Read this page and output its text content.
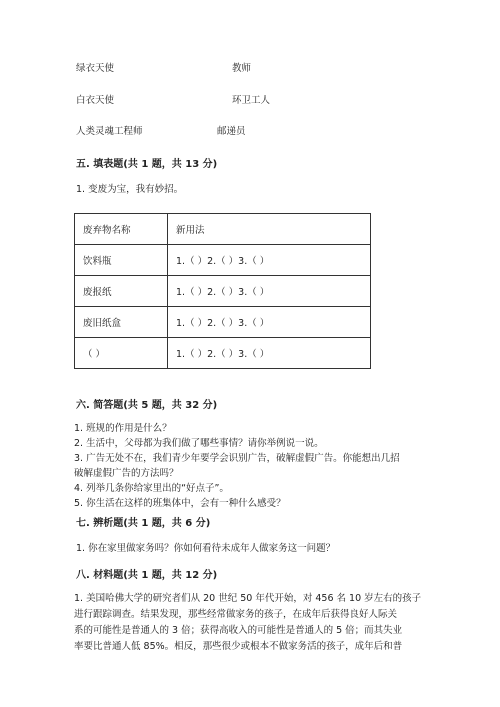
绿衣天使	教师
白衣天使	环卫工人
人类灵魂工程师	邮递员
五. 填表题(共 1 题，共 13 分)
1. 变废为宝，我有妙招。
废弃物名称	新用法
饮料瓶	1.（ ）2.（ ）3.（ ）
废报纸	1.（ ）2.（ ）3.（ ）
废旧纸盒	1.（ ）2.（ ）3.（ ）
（ ）	1.（ ）2.（ ）3.（ ）
六. 简答题(共 5 题，共 32 分)
1. 班规的作用是什么？
2. 生活中，父母都为我们做了哪些事情？请你举例说一说。
3. 广告无处不在，我们青少年要学会识别广告，破解虚假广告。你能想出几招
破解虚假广告的方法吗？
4. 列举几条你给家里出的“好点子”。
5. 你生活在这样的班集体中，会有一种什么感受？
七. 辨析题(共 1 题，共 6 分)
1. 你在家里做家务吗？你如何看待未成年人做家务这一问题？
八. 材料题(共 1 题，共 12 分)
1. 美国哈佛大学的研究者们从 20 世纪 50 年代开始，对 456 名 10 岁左右的孩子
进行跟踪调查。结果发现，那些经常做家务的孩子，在成年后获得良好人际关
系的可能性是普通人的 3 倍；获得高收入的可能性是普通人的 5 倍；而其失业
率要比普通人低 85%。相反，那些很少或根本不做家务活的孩子，成年后和普
